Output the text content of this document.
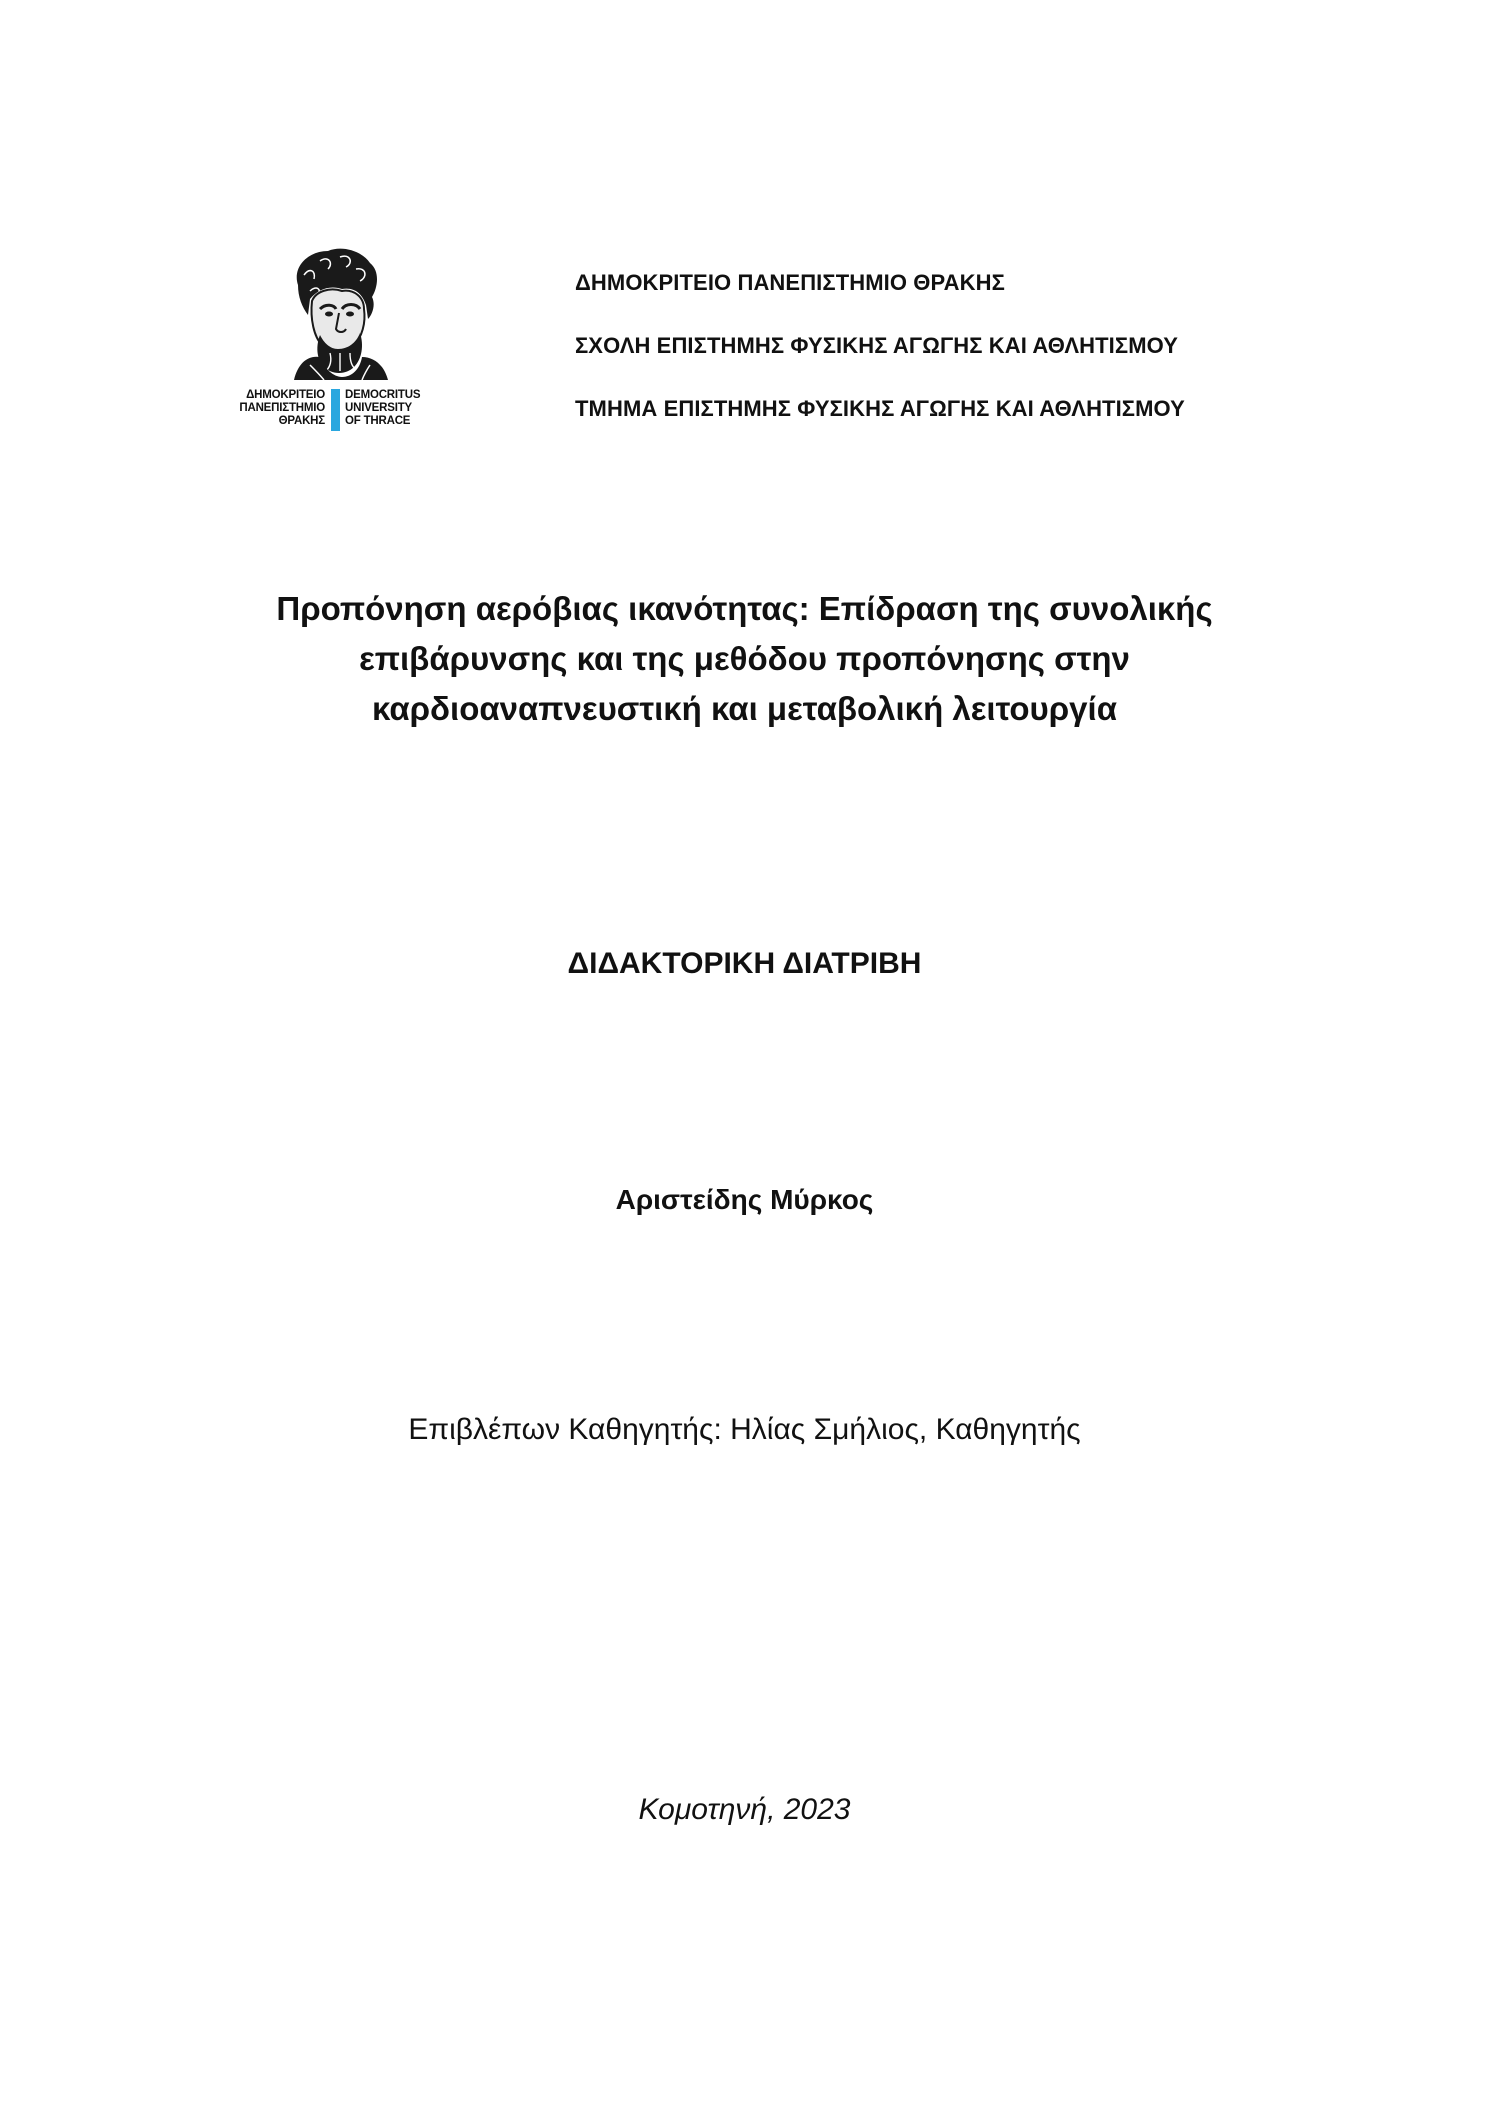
ΔΗΜΟΚΡΙΤΕΙΟ
ΠΑΝΕΠΙΣΤΗΜΙΟ
ΘΡΑΚΗΣ
DEMOCRITUS
UNIVERSITY
OF THRACE
ΔΗΜΟΚΡΙΤΕΙΟ ΠΑΝΕΠΙΣΤΗΜΙΟ ΘΡΑΚΗΣ
ΣΧΟΛΗ ΕΠΙΣΤΗΜΗΣ ΦΥΣΙΚΗΣ ΑΓΩΓΗΣ ΚΑΙ ΑΘΛΗΤΙΣΜΟΥ
ΤΜΗΜΑ ΕΠΙΣΤΗΜΗΣ ΦΥΣΙΚΗΣ ΑΓΩΓΗΣ ΚΑΙ ΑΘΛΗΤΙΣΜΟΥ
Προπόνηση αερόβιας ικανότητας: Επίδραση της συνολικής
επιβάρυνσης και της μεθόδου προπόνησης στην
καρδιοαναπνευστική και μεταβολική λειτουργία
ΔΙΔΑΚΤΟΡΙΚΗ ΔΙΑΤΡΙΒΗ
Αριστείδης Μύρκος
Επιβλέπων Καθηγητής: Ηλίας Σμήλιος, Καθηγητής
Κομοτηνή, 2023
